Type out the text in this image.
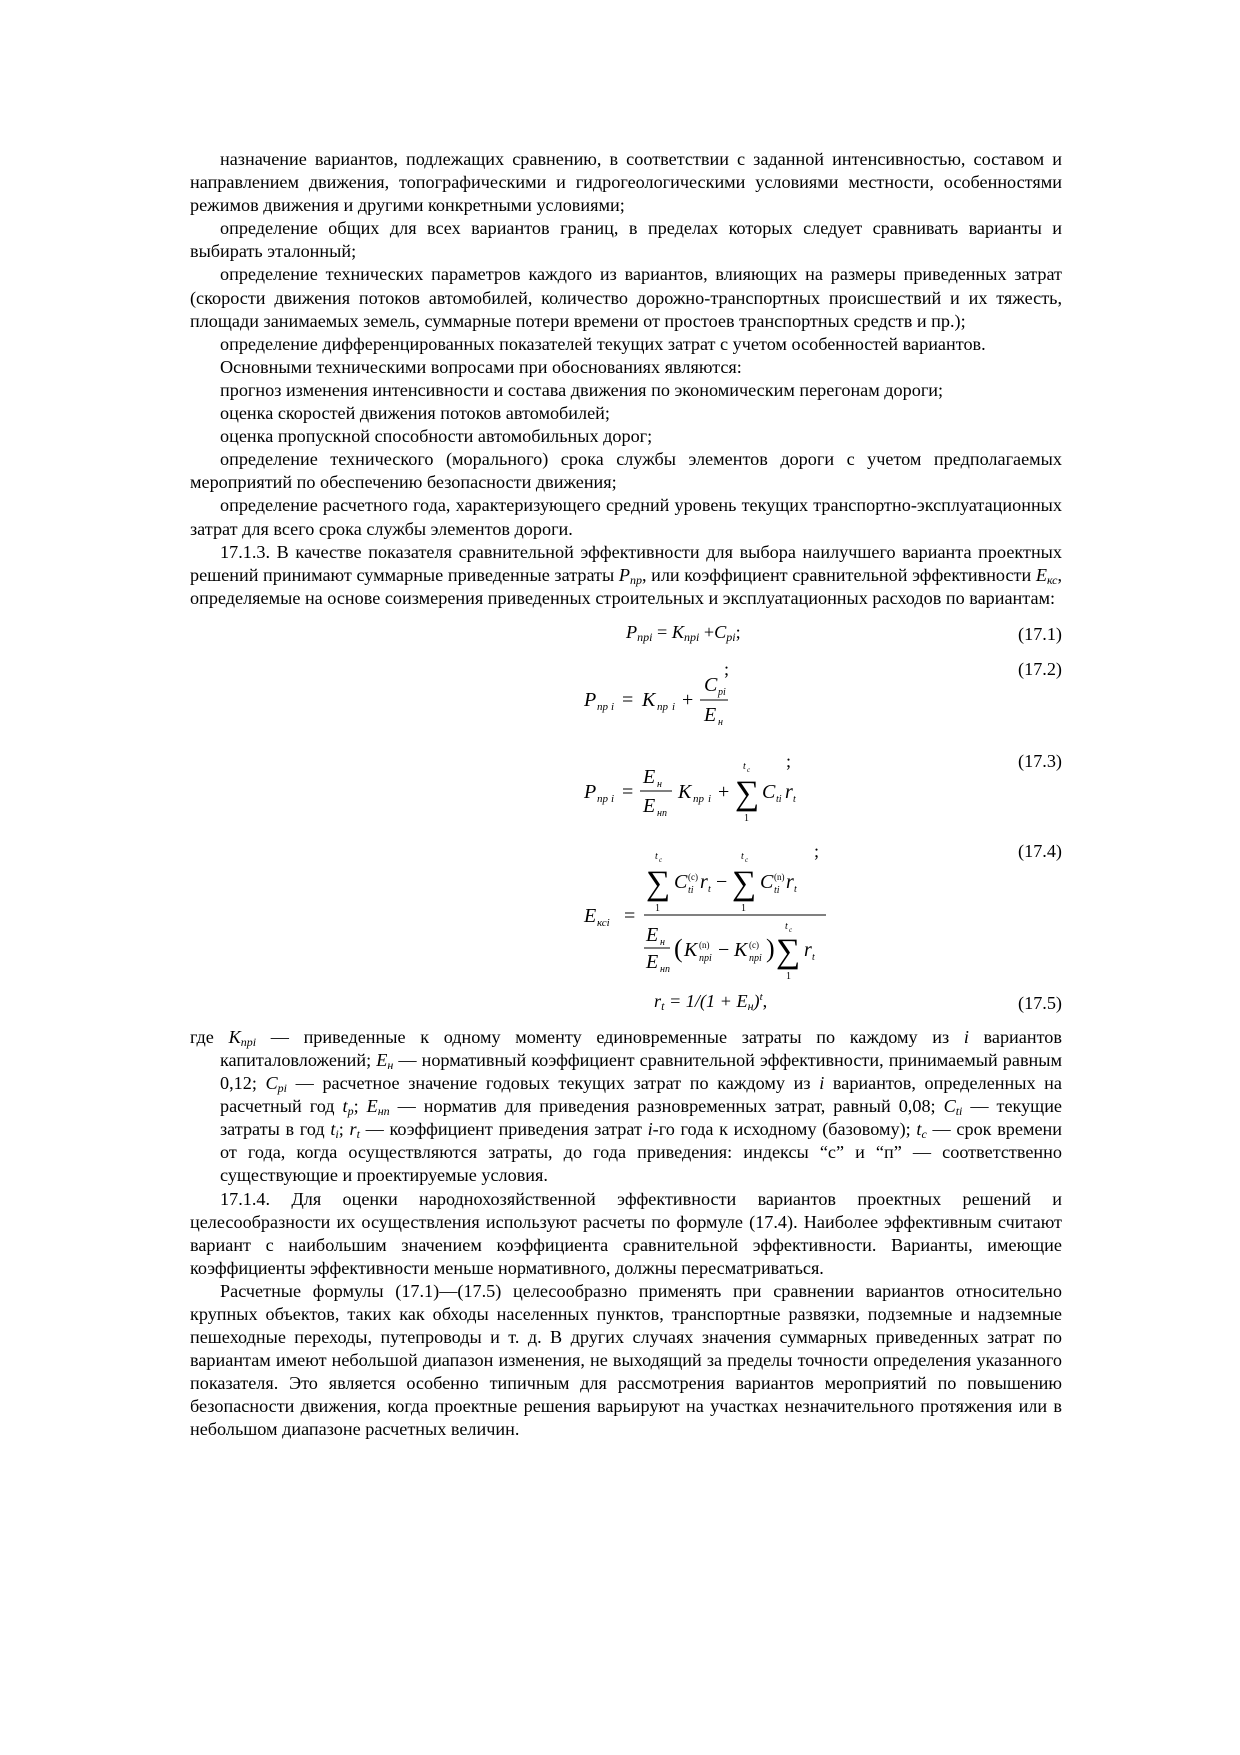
назначение вариантов, подлежащих сравнению, в соответствии с заданной интенсивностью, составом и направлением движения, топографическими и гидрогеологическими условиями местности, особенностями режимов движения и другими конкретными условиями;

определение общих для всех вариантов границ, в пределах которых следует сравнивать варианты и выбирать эталонный;

определение технических параметров каждого из вариантов, влияющих на размеры приведенных затрат (скорости движения потоков автомобилей, количество дорожно-транспортных происшествий и их тяжесть, площади занимаемых земель, суммарные потери времени от простоев транспортных средств и пр.);

определение дифференцированных показателей текущих затрат с учетом особенностей вариантов.

Основными техническими вопросами при обоснованиях являются:

прогноз изменения интенсивности и состава движения по экономическим перегонам дороги;

оценка скоростей движения потоков автомобилей;

оценка пропускной способности автомобильных дорог;

определение технического (морального) срока службы элементов дороги с учетом предполагаемых мероприятий по обеспечению безопасности движения;

определение расчетного года, характеризующего средний уровень текущих транспортно-эксплуатационных затрат для всего срока службы элементов дороги.

17.1.3. В качестве показателя сравнительной эффективности для выбора наилучшего варианта проектных решений принимают суммарные приведенные затраты $P_{пр}$, или коэффициент сравнительной эффективности $E_{кс}$, определяемые на основе соизмерения приведенных строительных и эксплуатационных расходов по вариантам:

$P_{прi} = K_{прi} +C_{pi}$;	(17.1)
;	(17.2)
P пр i = K пр i +
C pi
E н
;	(17.3)
P пр i =
E н
E нп
K пр i + ∑
t c
1
C ti r t
;	(17.4)
E ксi =
∑
t c
1
C (c)
ti r t − ∑
t c
1
C (n)
ti r t
E н
E нп
( K (n)
прi − K (c)
прi ) ∑
t c
1
r t
$r_t = 1/(1 + E_н)^t$,	(17.5)

где $K_{прi}$ — приведенные к одному моменту единовременные затраты по каждому из i вариантов капиталовложений; $E_н$ — нормативный коэффициент сравнительной эффективности, принимаемый равным 0,12; $C_{pi}$ — расчетное значение годовых текущих затрат по каждому из i вариантов, определенных на расчетный год $t_p$; $E_{нп}$ — норматив для приведения разновременных затрат, равный 0,08; $C_{ti}$ — текущие затраты в год $t_i$; $r_t$ — коэффициент приведения затрат i-го года к исходному (базовому); $t_c$ — срок времени от года, когда осуществляются затраты, до года приведения: индексы “с” и “п” — соответственно существующие и проектируемые условия.

17.1.4. Для оценки народнохозяйственной эффективности вариантов проектных решений и целесообразности их осуществления используют расчеты по формуле (17.4). Наиболее эффективным считают вариант с наибольшим значением коэффициента сравнительной эффективности. Варианты, имеющие коэффициенты эффективности меньше нормативного, должны пересматриваться.

Расчетные формулы (17.1)—(17.5) целесообразно применять при сравнении вариантов относительно крупных объектов, таких как обходы населенных пунктов, транспортные развязки, подземные и надземные пешеходные переходы, путепроводы и т. д. В других случаях значения суммарных приведенных затрат по вариантам имеют небольшой диапазон изменения, не выходящий за пределы точности определения указанного показателя. Это является особенно типичным для рассмотрения вариантов мероприятий по повышению безопасности движения, когда проектные решения варьируют на участках незначительного протяжения или в небольшом диапазоне расчетных величин.
